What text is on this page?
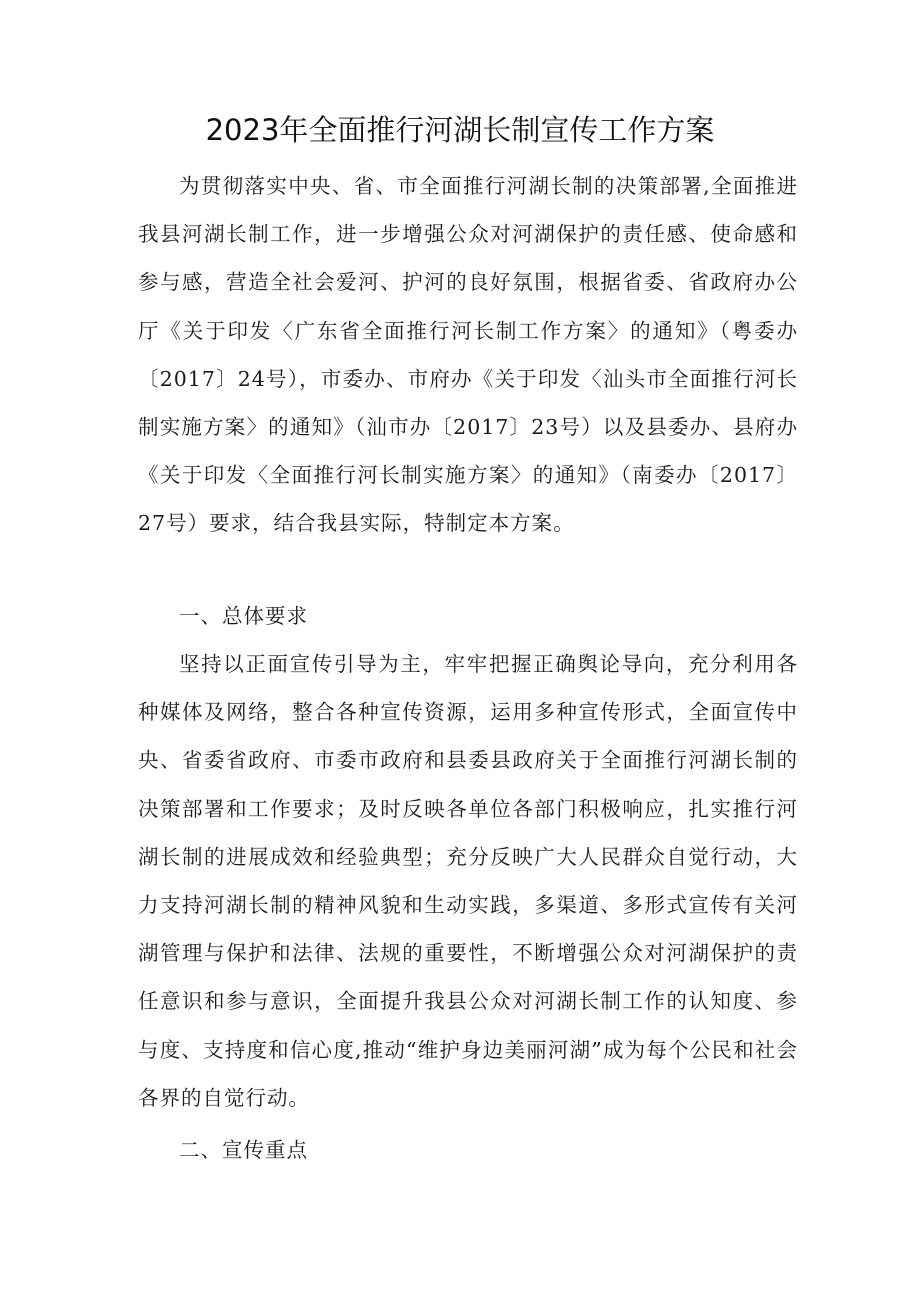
2023年全面推行河湖长制宣传工作方案

为贯彻落实中央、省、市全面推行河湖长制的决策部署,全面推进我县河湖长制工作，进一步增强公众对河湖保护的责任感、使命感和参与感，营造全社会爱河、护河的良好氛围，根据省委、省政府办公厅《关于印发〈广东省全面推行河长制工作方案〉的通知》（粤委办〔2017〕24号），市委办、市府办《关于印发〈汕头市全面推行河长制实施方案〉的通知》（汕市办〔2017〕23号）以及县委办、县府办《关于印发〈全面推行河长制实施方案〉的通知》（南委办〔2017〕27号）要求，结合我县实际，特制定本方案。

一、总体要求

坚持以正面宣传引导为主，牢牢把握正确舆论导向，充分利用各种媒体及网络，整合各种宣传资源，运用多种宣传形式，全面宣传中央、省委省政府、市委市政府和县委县政府关于全面推行河湖长制的决策部署和工作要求；及时反映各单位各部门积极响应，扎实推行河湖长制的进展成效和经验典型；充分反映广大人民群众自觉行动，大力支持河湖长制的精神风貌和生动实践，多渠道、多形式宣传有关河湖管理与保护和法律、法规的重要性，不断增强公众对河湖保护的责任意识和参与意识，全面提升我县公众对河湖长制工作的认知度、参与度、支持度和信心度,推动“维护身边美丽河湖”成为每个公民和社会各界的自觉行动。

二、宣传重点
